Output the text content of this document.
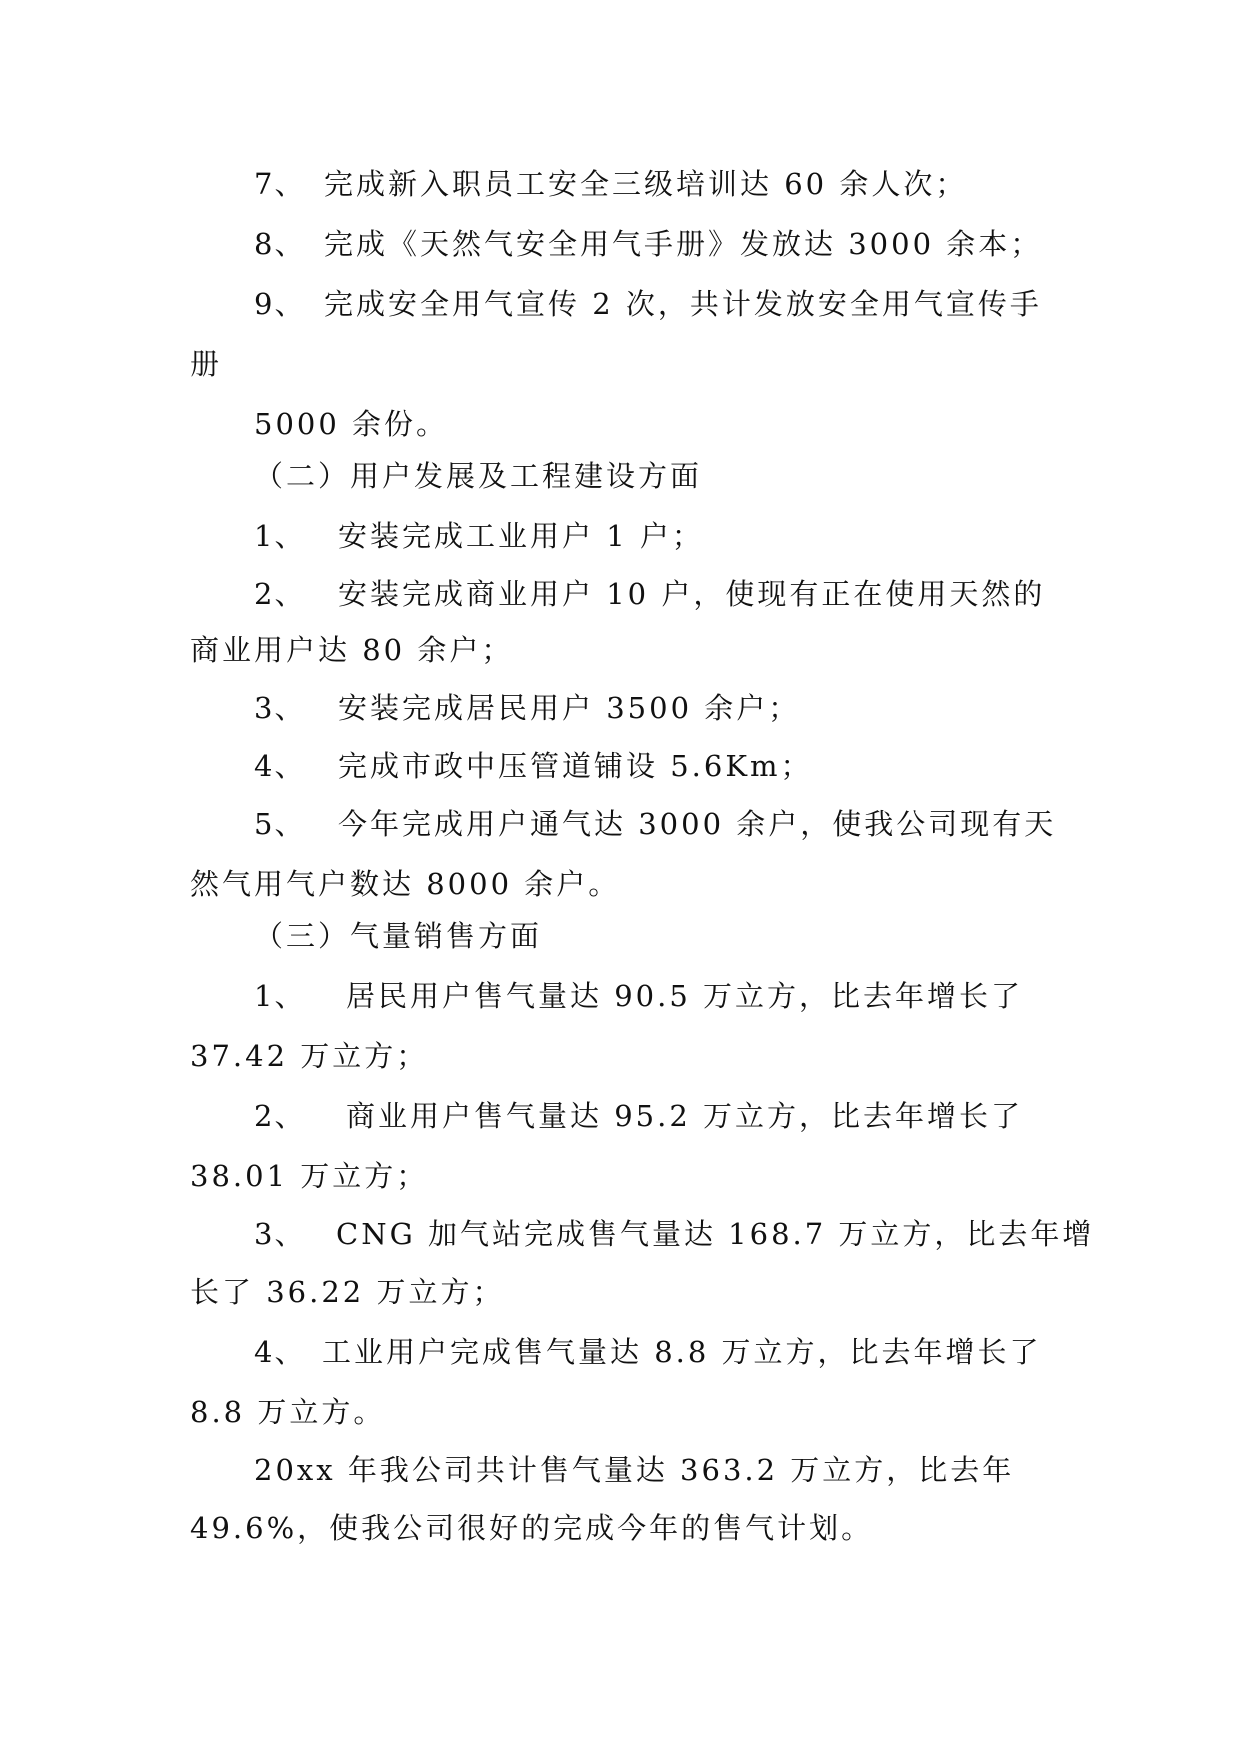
7、 完成新入职员工安全三级培训达 60 余人次；
8、 完成《天然气安全用气手册》发放达 3000 余本；
9、 完成安全用气宣传 2 次，共计发放安全用气宣传手
册
5000 余份。
（二）用户发展及工程建设方面
1、 安装完成工业用户 1 户；
2、 安装完成商业用户 10 户，使现有正在使用天然的
商业用户达 80 余户；
3、 安装完成居民用户 3500 余户；
4、 完成市政中压管道铺设 5.6Km；
5、 今年完成用户通气达 3000 余户，使我公司现有天
然气用气户数达 8000 余户。
（三）气量销售方面
1、 居民用户售气量达 90.5 万立方，比去年增长了
37.42 万立方；
2、 商业用户售气量达 95.2 万立方，比去年增长了
38.01 万立方；
3、 CNG 加气站完成售气量达 168.7 万立方，比去年增
长了 36.22 万立方；
4、 工业用户完成售气量达 8.8 万立方，比去年增长了
8.8 万立方。
20xx 年我公司共计售气量达 363.2 万立方，比去年
49.6%，使我公司很好的完成今年的售气计划。
